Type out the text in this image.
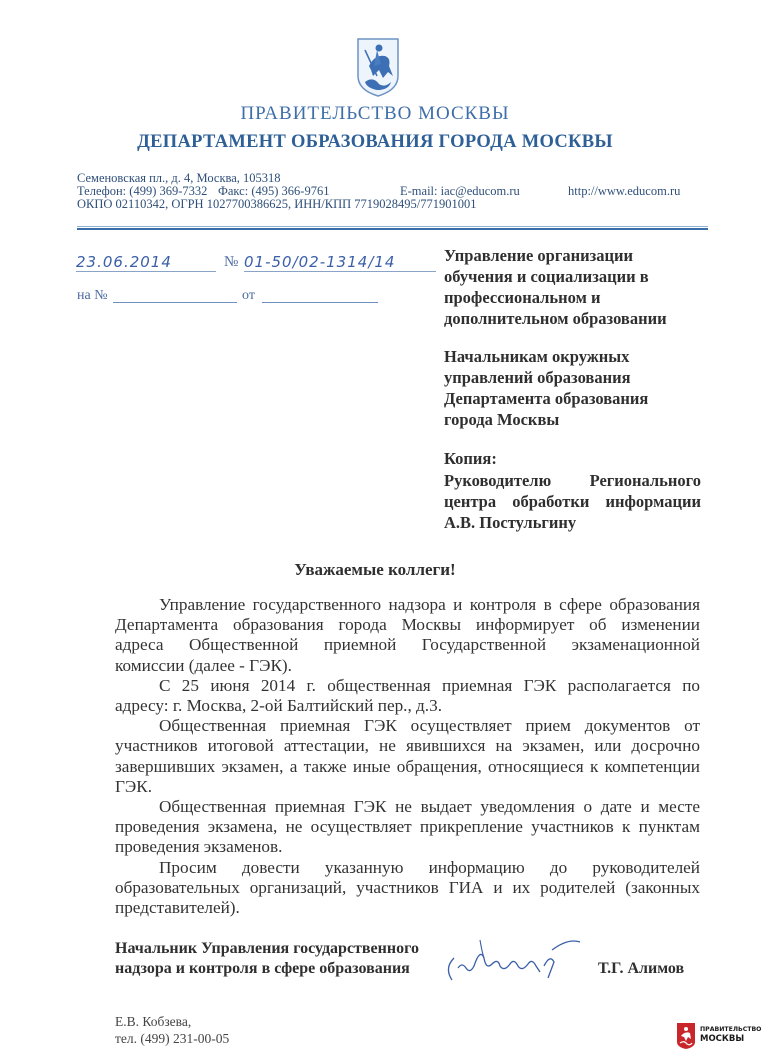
ПРАВИТЕЛЬСТВО МОСКВЫ
ДЕПАРТАМЕНТ ОБРАЗОВАНИЯ ГОРОДА МОСКВЫ
Семеновская пл., д. 4, Москва, 105318
Телефон: (499) 369-7332 Факс: (495) 366-9761	E-mail: iac@educom.ru	http://www.educom.ru
ОКПО 02110342, ОГРН 1027700386625, ИНН/КПП 7719028495/771901001
23.06.2014	№ 01-50/02-1314/14
на №	от
Управление организации
обучения и социализации в
профессиональном и
дополнительном образовании
Начальникам окружных
управлений образования
Департамента образования
города Москвы
Копия:
Руководителю Регионального
центра обработки информации
А.В. Постульгину
Уважаемые коллеги!

Управление государственного надзора и контроля в сфере образования
Департамента образования города Москвы информирует об изменении
адреса Общественной приемной Государственной экзаменационной
комиссии (далее - ГЭК).

С 25 июня 2014 г. общественная приемная ГЭК располагается по
адресу: г. Москва, 2-ой Балтийский пер., д.3.

Общественная приемная ГЭК осуществляет прием документов от
участников итоговой аттестации, не явившихся на экзамен, или досрочно
завершивших экзамен, а также иные обращения, относящиеся к компетенции
ГЭК.

Общественная приемная ГЭК не выдает уведомления о дате и месте
проведения экзамена, не осуществляет прикрепление участников к пунктам
проведения экзаменов.

Просим довести указанную информацию до руководителей
образовательных организаций, участников ГИА и их родителей (законных
представителей).

Начальник Управления государственного
надзора и контроля в сфере образования	Т.Г. Алимов
Е.В. Кобзева,
тел. (499) 231-00-05
ПРАВИТЕЛЬСТВО
МОСКВЫ
